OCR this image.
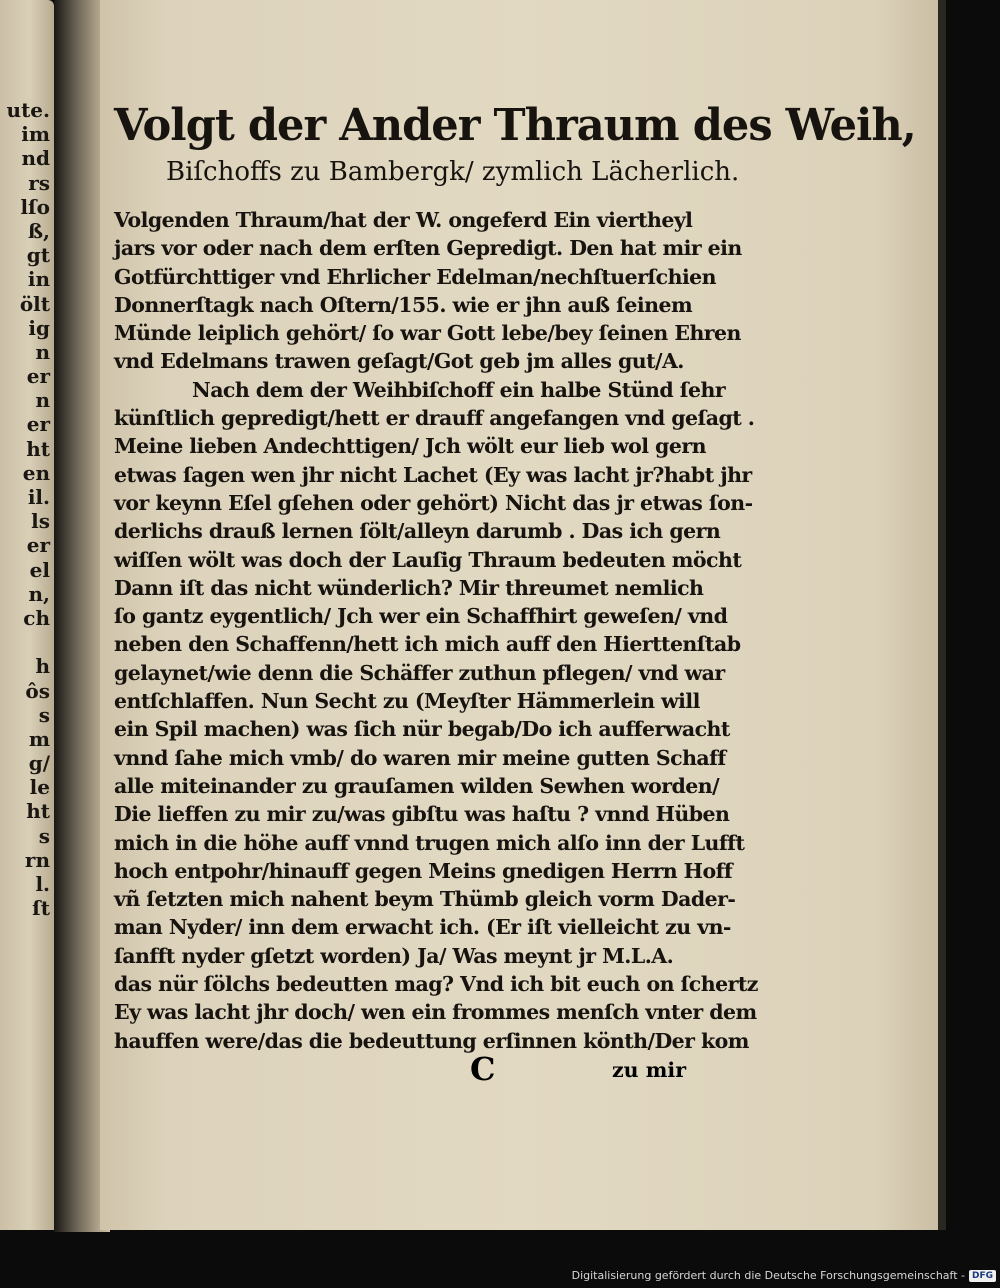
ute.
im
nd
rs
lſo
ß,
gt
in
ölt
ig
n
er
n
er
ht
en
il.
ls
er
el
n,
ch
h
ôs
s
m
g/
le
ht
s
rn
l.
ſt
Volgt der Ander Thraum des Weih,
Biſchoffs zu Bambergk/ zymlich Lächerlich.
Volgenden Thraum/hat der W. ongeferd Ein viertheyl
jars vor oder nach dem erſten Gepredigt. Den hat mir ein
Gotfürchttiger vnd Ehrlicher Edelman/nechſtuerſchien
Donnerſtagk nach Oſtern/155. wie er jhn auß ſeinem
Münde leiplich gehört/ ſo war Gott lebe/bey ſeinen Ehren
vnd Edelmans trawen geſagt/Got geb jm alles gut/A.
Nach dem der Weihbiſchoff ein halbe Stünd ſehr
künſtlich gepredigt/hett er drauff angefangen vnd geſagt .
Meine lieben Andechttigen/ Jch wölt eur lieb wol gern
etwas ſagen wen jhr nicht Lachet (Ey was lacht jr?habt jhr
vor keynn Eſel gſehen oder gehört) Nicht das jr etwas ſon-
derlichs drauß lernen ſölt/alleyn darumb . Das ich gern
wiſſen wölt was doch der Lauſig Thraum bedeuten möcht
Dann iſt das nicht wünderlich? Mir threumet nemlich
ſo gantz eygentlich/ Jch wer ein Schaffhirt geweſen/ vnd
neben den Schaffenn/hett ich mich auff den Hierttenſtab
gelaynet/wie denn die Schäffer zuthun pflegen/ vnd war
entſchlaffen. Nun Secht zu (Meyſter Hämmerlein will
ein Spil machen) was ſich nür begab/Do ich aufferwacht
vnnd ſahe mich vmb/ do waren mir meine gutten Schaff
alle miteinander zu grauſamen wilden Sewhen worden/
Die lieffen zu mir zu/was gibſtu was haſtu ? vnnd Hüben
mich in die höhe auff vnnd trugen mich alſo inn der Lufft
hoch entpohr/hinauff gegen Meins gnedigen Herrn Hoff
vñ ſetzten mich nahent beym Thümb gleich vorm Dader-
man Nyder/ inn dem erwacht ich. (Er iſt vielleicht zu vn-
ſanfft nyder gſetzt worden) Ja/ Was meynt jr M.L.A.
das nür ſölchs bedeutten mag? Vnd ich bit euch on ſchertz
Ey was lacht jhr doch/ wen ein frommes menſch vnter dem
hauffen were/das die bedeuttung erſinnen könth/Der kom
C	zu mir
Digitalisierung gefördert durch die Deutsche Forschungsgemeinschaft - DFG
